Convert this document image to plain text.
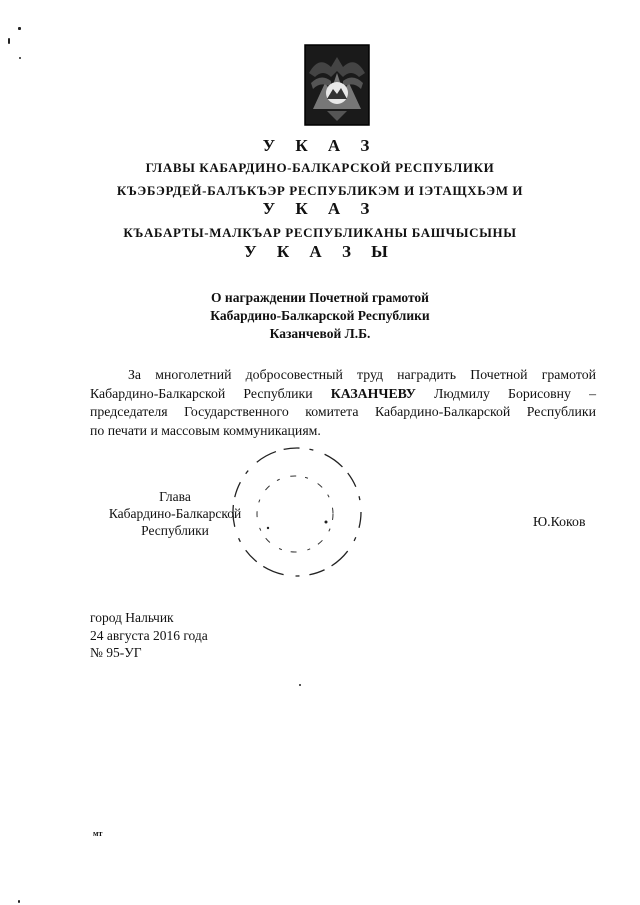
У К А З
ГЛАВЫ КАБАРДИНО-БАЛКАРСКОЙ РЕСПУБЛИКИ
КЪЭБЭРДЕЙ-БАЛЪКЪЭР РЕСПУБЛИКЭМ И ІЭТАЩХЬЭМ И
У К А З
КЪАБАРТЫ-МАЛКЪАР РЕСПУБЛИКАНЫ БАШЧЫСЫНЫ
У К А З Ы
О награждении Почетной грамотой
Кабардино-Балкарской Республики
Казанчевой Л.Б.
За многолетний добросовестный труд наградить Почетной грамотой
Кабардино-Балкарской Республики КАЗАНЧЕВУ Людмилу Борисовну –
председателя Государственного комитета Кабардино-Балкарской Республики
по печати и массовым коммуникациям.
Глава
Кабардино-Балкарской
Республики
Ю.Коков
город Нальчик
24 августа 2016 года
№ 95-УГ
мт
